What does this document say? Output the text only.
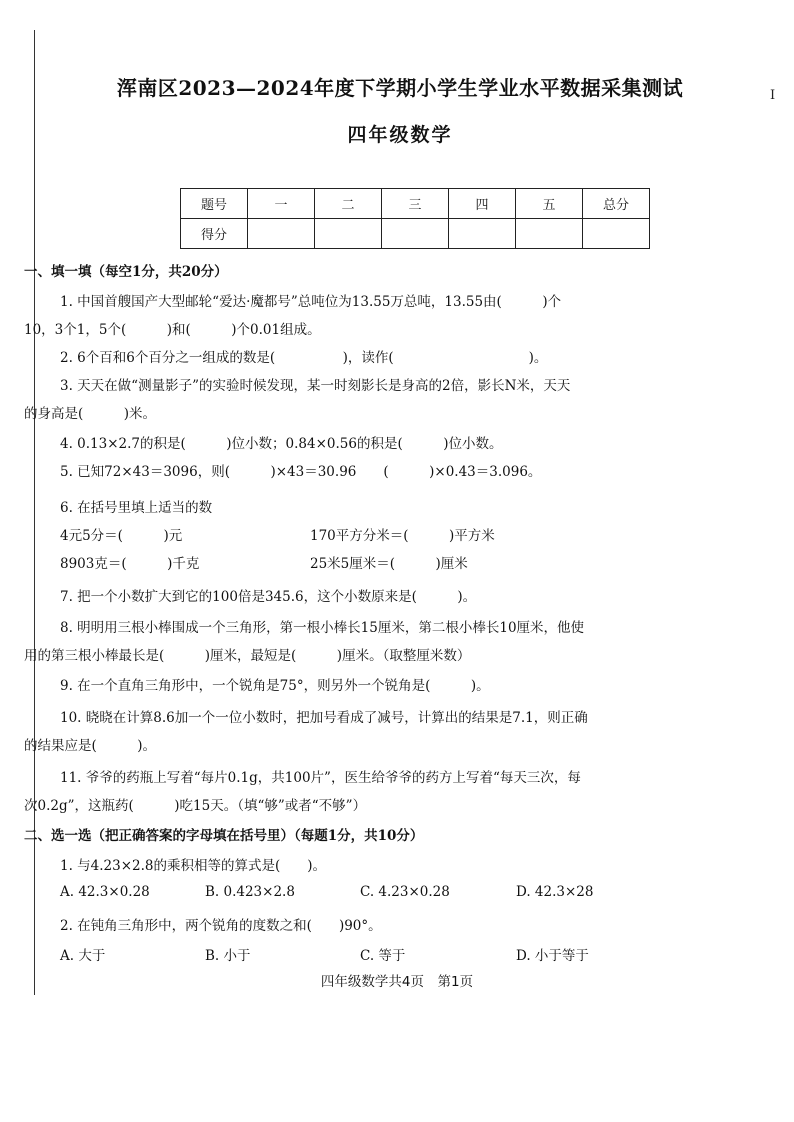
I
浑南区2023—2024年度下学期小学生学业水平数据采集测试
四年级数学
题号	一	二	三	四	五	总分
得分						
一、填一填（每空1分，共20分）
1. 中国首艘国产大型邮轮“爱达·魔都号”总吨位为13.55万总吨，13.55由(　　　)个
10，3个1，5个(　　　)和(　　　)个0.01组成。
2. 6个百和6个百分之一组成的数是(　　　　　)，读作(　　　　　　　　　　)。
3. 天天在做“测量影子”的实验时候发现，某一时刻影长是身高的2倍，影长N米，天天
的身高是(　　　)米。
4. 0.13×2.7的积是(　　　)位小数；0.84×0.56的积是(　　　)位小数。
5. 已知72×43＝3096，则(　　　)×43＝30.96　　(　　　)×0.43＝3.096。
6. 在括号里填上适当的数
4元5分＝(　　　)元	170平方分米＝(　　　)平方米
8903克＝(　　　)千克	25米5厘米＝(　　　)厘米
7. 把一个小数扩大到它的100倍是345.6，这个小数原来是(　　　)。
8. 明明用三根小棒围成一个三角形，第一根小棒长15厘米，第二根小棒长10厘米，他使
用的第三根小棒最长是(　　　)厘米，最短是(　　　)厘米。（取整厘米数）
9. 在一个直角三角形中，一个锐角是75°，则另外一个锐角是(　　　)。
10. 晓晓在计算8.6加一个一位小数时，把加号看成了减号，计算出的结果是7.1，则正确
的结果应是(　　　)。
11. 爷爷的药瓶上写着“每片0.1g，共100片”，医生给爷爷的药方上写着“每天三次，每
次0.2g”，这瓶药(　　　)吃15天。（填“够”或者“不够”）
二、选一选（把正确答案的字母填在括号里）（每题1分，共10分）
1. 与4.23×2.8的乘积相等的算式是(　　)。
A. 42.3×0.28	B. 0.423×2.8	C. 4.23×0.28	D. 42.3×28
2. 在钝角三角形中，两个锐角的度数之和(　　)90°。
A. 大于	B. 小于	C. 等于	D. 小于等于
四年级数学共4页　第1页
